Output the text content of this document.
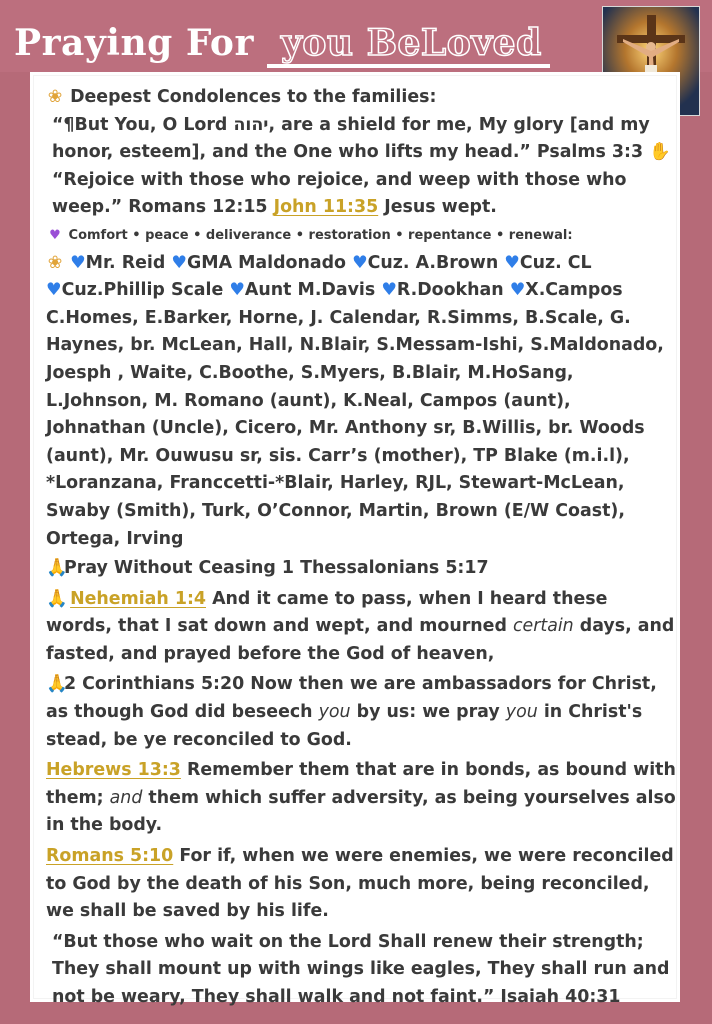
Praying For you BeLoved

❀ Deepest Condolences to the families:

“¶But You, O Lord יהוה, are a shield for me, My glory [and my honor, esteem], and the One who lifts my head.” Psalms 3:3 ✋

“Rejoice with those who rejoice, and weep with those who weep.” Romans 12:15 John 11:35 Jesus wept.

♥ Comfort • peace • deliverance • restoration • repentance • renewal:

❀ ♥Mr. Reid ♥GMA Maldonado ♥Cuz. A.Brown ♥Cuz. CL ♥Cuz.Phillip Scale ♥Aunt M.Davis ♥R.Dookhan ♥X.Campos

C.Homes, E.Barker, Horne, J. Calendar, R.Simms, B.Scale, G. Haynes, br. McLean, Hall, N.Blair, S.Messam-Ishi, S.Maldonado, Joesph , Waite, C.Boothe, S.Myers, B.Blair, M.HoSang, L.Johnson, M. Romano (aunt), K.Neal, Campos (aunt), Johnathan (Uncle), Cicero, Mr. Anthony sr, B.Willis, br. Woods (aunt), Mr. Ouwusu sr, sis. Carr’s (mother), TP Blake (m.i.l), *Loranzana, Franccetti-*Blair, Harley, RJL, Stewart-McLean, Swaby (Smith), Turk, O’Connor, Martin, Brown (E/W Coast), Ortega, Irving

🙏Pray Without Ceasing 1 Thessalonians 5:17

🙏 Nehemiah 1:4 And it came to pass, when I heard these words, that I sat down and wept, and mourned certain days, and fasted, and prayed before the God of heaven,

🙏2 Corinthians 5:20 Now then we are ambassadors for Christ, as though God did beseech you by us: we pray you in Christ's stead, be ye reconciled to God.

Hebrews 13:3 Remember them that are in bonds, as bound with them; and them which suffer adversity, as being yourselves also in the body.

Romans 5:10 For if, when we were enemies, we were reconciled to God by the death of his Son, much more, being reconciled, we shall be saved by his life.

“But those who wait on the Lord Shall renew their strength; They shall mount up with wings like eagles, They shall run and not be weary, They shall walk and not faint.” Isaiah 40:31
